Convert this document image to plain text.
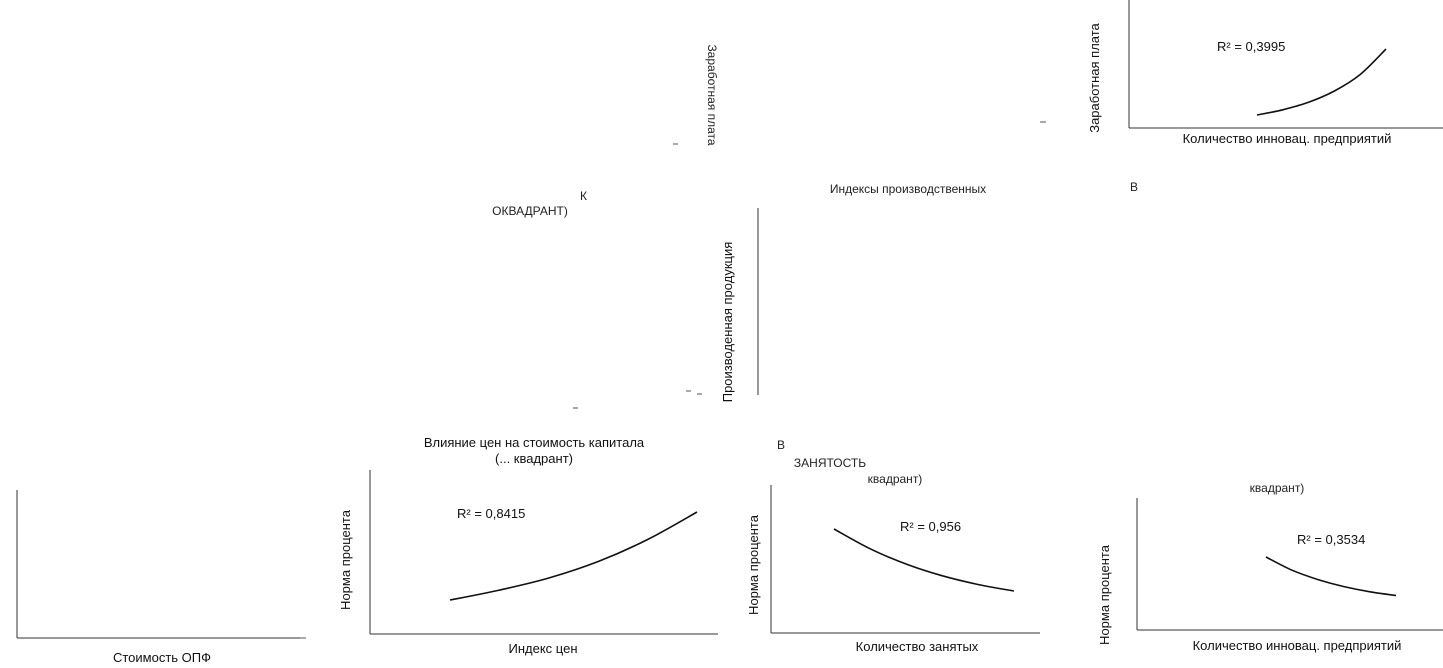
R² = 0,3995
Заработная плата
Количество инновац. предприятий
Влияние цен на стоимость капитала
(... квадрант)
R² = 0,8415
Норма процента
Индекс цен
R² = 0,956
Норма процента
Количество занятых
R² = 0,3534
Норма процента
Количество инновац. предприятий
Производенная продукция
Стоимость ОПФ
Заработная плата
Индексы производственных
ОКВАДРАНТ)
К
В
В
ЗАНЯТОСТЬ
квадрант)
квадрант)
